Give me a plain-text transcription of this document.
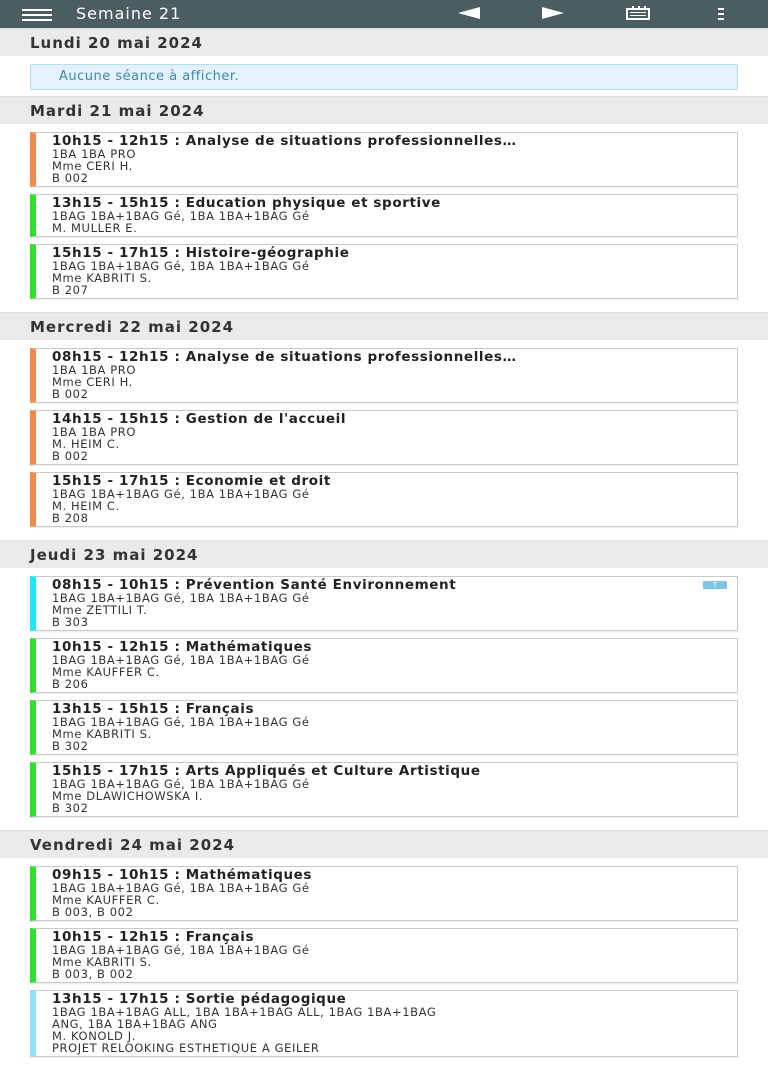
Semaine 21
Lundi 20 mai 2024
Aucune séance à afficher.
Mardi 21 mai 2024
10h15 - 12h15 : Analyse de situations professionnelles…
1BA 1BA PRO
Mme CERI H.
B 002
13h15 - 15h15 : Education physique et sportive
1BAG 1BA+1BAG Gé, 1BA 1BA+1BAG Gé
M. MULLER E.
15h15 - 17h15 : Histoire-géographie
1BAG 1BA+1BAG Gé, 1BA 1BA+1BAG Gé
Mme KABRITI S.
B 207
Mercredi 22 mai 2024
08h15 - 12h15 : Analyse de situations professionnelles…
1BA 1BA PRO
Mme CERI H.
B 002
14h15 - 15h15 : Gestion de l'accueil
1BA 1BA PRO
M. HEIM C.
B 002
15h15 - 17h15 : Economie et droit
1BAG 1BA+1BAG Gé, 1BA 1BA+1BAG Gé
M. HEIM C.
B 208
Jeudi 23 mai 2024
08h15 - 10h15 : Prévention Santé Environnement
1BAG 1BA+1BAG Gé, 1BA 1BA+1BAG Gé
Mme ZETTILI T.
B 303
T
10h15 - 12h15 : Mathématiques
1BAG 1BA+1BAG Gé, 1BA 1BA+1BAG Gé
Mme KAUFFER C.
B 206
13h15 - 15h15 : Français
1BAG 1BA+1BAG Gé, 1BA 1BA+1BAG Gé
Mme KABRITI S.
B 302
15h15 - 17h15 : Arts Appliqués et Culture Artistique
1BAG 1BA+1BAG Gé, 1BA 1BA+1BAG Gé
Mme DLAWICHOWSKA I.
B 302
Vendredi 24 mai 2024
09h15 - 10h15 : Mathématiques
1BAG 1BA+1BAG Gé, 1BA 1BA+1BAG Gé
Mme KAUFFER C.
B 003, B 002
10h15 - 12h15 : Français
1BAG 1BA+1BAG Gé, 1BA 1BA+1BAG Gé
Mme KABRITI S.
B 003, B 002
13h15 - 17h15 : Sortie pédagogique
1BAG 1BA+1BAG ALL, 1BA 1BA+1BAG ALL, 1BAG 1BA+1BAG
ANG, 1BA 1BA+1BAG ANG
M. KONOLD J.
PROJET RELOOKING ESTHETIQUE A GEILER
